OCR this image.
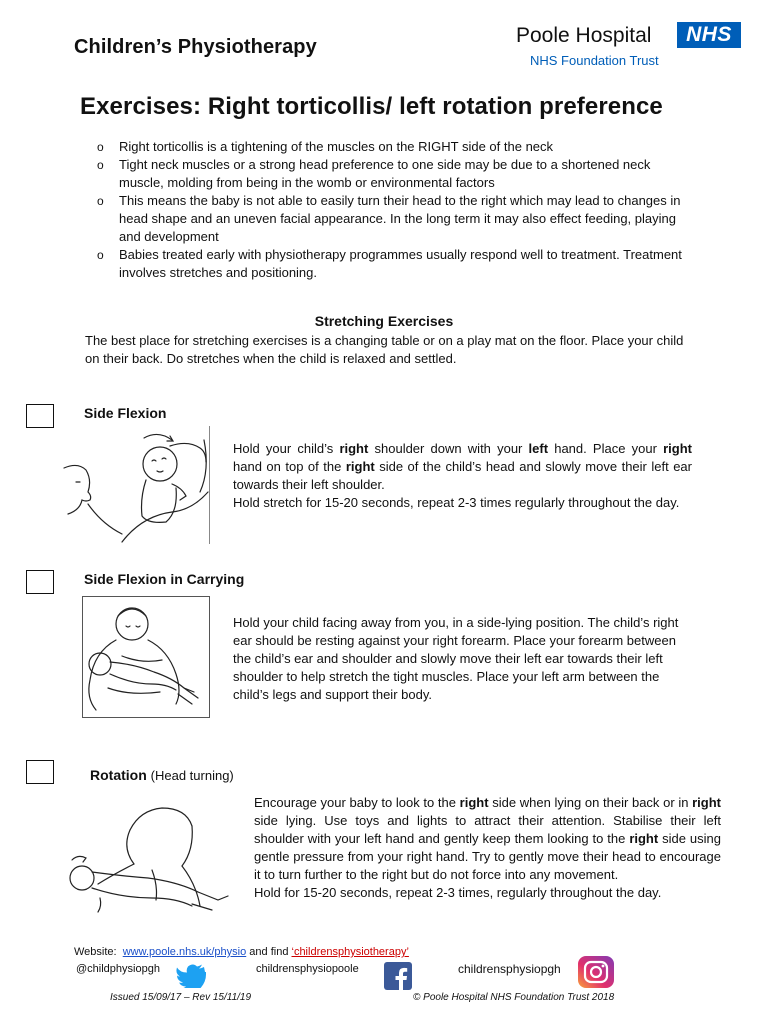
Children’s Physiotherapy	Poole Hospital	NHS
NHS Foundation Trust
Exercises: Right torticollis/ left rotation preference
o Right torticollis is a tightening of the muscles on the RIGHT side of the neck
o Tight neck muscles or a strong head preference to one side may be due to a shortened neck muscle, molding from being in the womb or environmental factors
o This means the baby is not able to easily turn their head to the right which may lead to changes in head shape and an uneven facial appearance. In the long term it may also effect feeding, playing and development
o Babies treated early with physiotherapy programmes usually respond well to treatment. Treatment involves stretches and positioning.
Stretching Exercises
The best place for stretching exercises is a changing table or on a play mat on the floor. Place your child on their back. Do stretches when the child is relaxed and settled.
Side Flexion
Hold your child’s right shoulder down with your left hand. Place your right hand on top of the right side of the child’s head and slowly move their left ear towards their left shoulder.
Hold stretch for 15-20 seconds, repeat 2-3 times regularly throughout the day.
Side Flexion in Carrying
Hold your child facing away from you, in a side-lying position. The child’s right ear should be resting against your right forearm. Place your forearm between the child’s ear and shoulder and slowly move their left ear towards their left shoulder to help stretch the tight muscles. Place your left arm between the child’s legs and support their body.
Rotation (Head turning)
Encourage your baby to look to the right side when lying on their back or in right side lying. Use toys and lights to attract their attention. Stabilise their left shoulder with your left hand and gently keep them looking to the right side using gentle pressure from your right hand. Try to gently move their head to encourage it to turn further to the right but do not force into any movement.
Hold for 15-20 seconds, repeat 2-3 times, regularly throughout the day.
Website: www.poole.nhs.uk/physio and find ‘childrensphysiotherapy’
@childphysiopgh	childrensphysiopoole	childrensphysiopgh
Issued 15/09/17 – Rev 15/11/19	© Poole Hospital NHS Foundation Trust 2018
